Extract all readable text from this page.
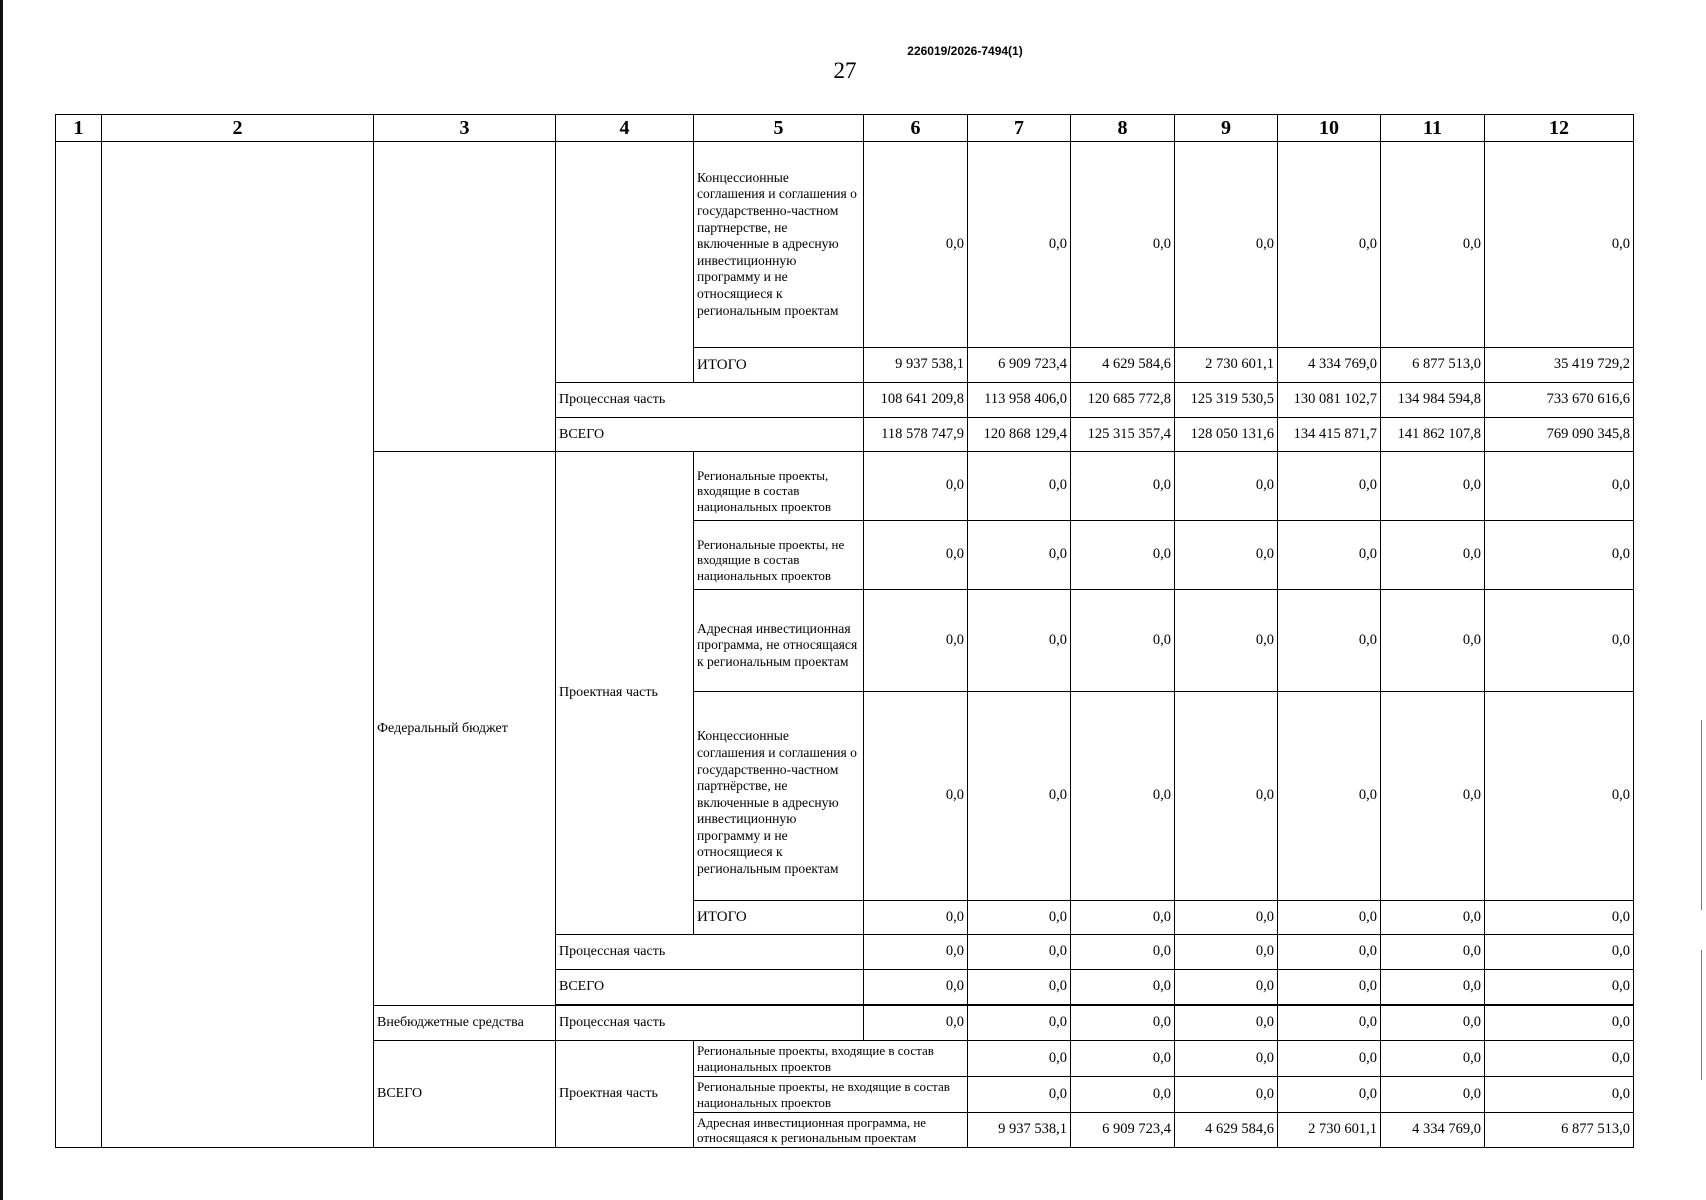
226019/2026-7494(1)
27
1	2	3	4	5	6	7	8	9	10	11	12	
				Концессионные соглашения и соглашения о государственно-частном партнерстве, не включенные в адресную инвестиционную программу и не относящиеся к региональным проектам	0,0	0,0	0,0	0,0	0,0	0,0	0,0	
				ИТОГО	9 937 538,1	6 909 723,4	4 629 584,6	2 730 601,1	4 334 769,0	6 877 513,0	35 419 729,2	
			Процессная часть		108 641 209,8	113 958 406,0	120 685 772,8	125 319 530,5	130 081 102,7	134 984 594,8	733 670 616,6	
			ВСЕГО		118 578 747,9	120 868 129,4	125 315 357,4	128 050 131,6	134 415 871,7	141 862 107,8	769 090 345,8	
		Федеральный бюджет	Проектная часть	Региональные проекты, входящие в состав национальных проектов	0,0	0,0	0,0	0,0	0,0	0,0	0,0	
				Региональные проекты, не входящие в состав национальных проектов	0,0	0,0	0,0	0,0	0,0	0,0	0,0	
				Адресная инвестиционная программа, не относящаяся к региональным проектам	0,0	0,0	0,0	0,0	0,0	0,0	0,0	
				Концессионные соглашения и соглашения о государственно-частном партнёрстве, не включенные в адресную инвестиционную программу и не относящиеся к региональным проектам	0,0	0,0	0,0	0,0	0,0	0,0	0,0	
				ИТОГО	0,0	0,0	0,0	0,0	0,0	0,0	0,0	
			Процессная часть		0,0	0,0	0,0	0,0	0,0	0,0	0,0	
			ВСЕГО		0,0	0,0	0,0	0,0	0,0	0,0	0,0	

		Внебюджетные средства	Процессная часть		0,0	0,0	0,0	0,0	0,0	0,0	0,0	
		ВСЕГО	Проектная часть	Региональные проекты, входящие в состав национальных проектов		0,0	0,0	0,0	0,0	0,0	0,0	
				Региональные проекты, не входящие в состав национальных проектов		0,0	0,0	0,0	0,0	0,0	0,0	
				Адресная инвестиционная программа, не относящаяся к региональным проектам		9 937 538,1	6 909 723,4	4 629 584,6	2 730 601,1	4 334 769,0	6 877 513,0	
